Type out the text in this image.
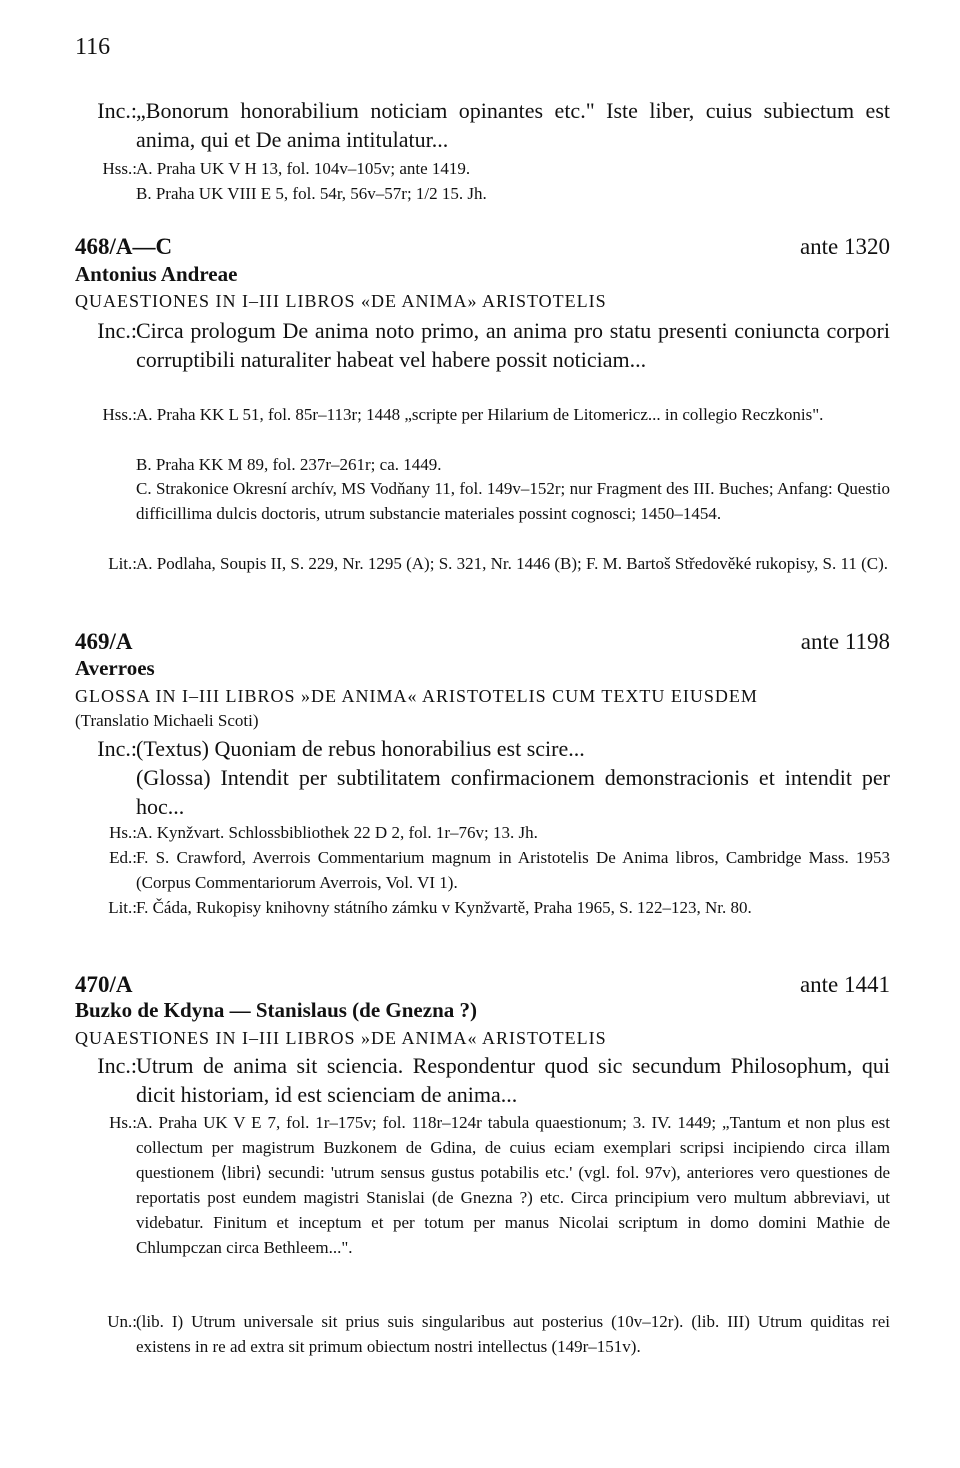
116
Inc.: „Bonorum honorabilium noticiam opinantes etc." Iste liber, cuius subiectum est anima, qui et De anima intitulatur...
Hss.: A. Praha UK V H 13, fol. 104v–105v; ante 1419.
B. Praha UK VIII E 5, fol. 54r, 56v–57r; 1/2 15. Jh.
468/A—C	ante 1320
Antonius Andreae
QUAESTIONES IN I–III LIBROS «DE ANIMA» ARISTOTELIS
Inc.: Circa prologum De anima noto primo, an anima pro statu presenti coniuncta corpori corruptibili naturaliter habeat vel habere possit noticiam...
Hss.: A. Praha KK L 51, fol. 85r–113r; 1448 „scripte per Hilarium de Litomericz... in collegio Reczkonis".
B. Praha KK M 89, fol. 237r–261r; ca. 1449.
C. Strakonice Okresní archív, MS Vodňany 11, fol. 149v–152r; nur Fragment des III. Buches; Anfang: Questio difficillima dulcis doctoris, utrum substancie materiales possint cognosci; 1450–1454.
Lit.: A. Podlaha, Soupis II, S. 229, Nr. 1295 (A); S. 321, Nr. 1446 (B); F. M. Bartoš Středověké rukopisy, S. 11 (C).
469/A	ante 1198
Averroes
GLOSSA IN I–III LIBROS »DE ANIMA« ARISTOTELIS CUM TEXTU EIUSDEM
(Translatio Michaeli Scoti)
Inc.: (Textus) Quoniam de rebus honorabilius est scire...
(Glossa) Intendit per subtilitatem confirmacionem demonstracionis et intendit per hoc...
Hs.: A. Kynžvart. Schlossbibliothek 22 D 2, fol. 1r–76v; 13. Jh.
Ed.: F. S. Crawford, Averrois Commentarium magnum in Aristotelis De Anima libros, Cambridge Mass. 1953 (Corpus Commentariorum Averrois, Vol. VI 1).
Lit.: F. Čáda, Rukopisy knihovny státního zámku v Kynžvartě, Praha 1965, S. 122–123, Nr. 80.
470/A	ante 1441
Buzko de Kdyna — Stanislaus (de Gnezna ?)
QUAESTIONES IN I–III LIBROS »DE ANIMA« ARISTOTELIS
Inc.: Utrum de anima sit sciencia. Respondentur quod sic secundum Philosophum, qui dicit historiam, id est scienciam de anima...
Hs.: A. Praha UK V E 7, fol. 1r–175v; fol. 118r–124r tabula quaestionum; 3. IV. 1449; „Tantum et non plus est collectum per magistrum Buzkonem de Gdina, de cuius eciam exemplari scripsi incipiendo circa illam questionem ⟨libri⟩ secundi: 'utrum sensus gustus potabilis etc.' (vgl. fol. 97v), anteriores vero questiones de reportatis post eundem magistri Stanislai (de Gnezna ?) etc. Circa principium vero multum abbreviavi, ut videbatur. Finitum et inceptum et per totum per manus Nicolai scriptum in domo domini Mathie de Chlumpczan circa Bethleem...".
Un.: (lib. I) Utrum universale sit prius suis singularibus aut posterius (10v–12r). (lib. III) Utrum quiditas rei existens in re ad extra sit primum obiectum nostri intellectus (149r–151v).
